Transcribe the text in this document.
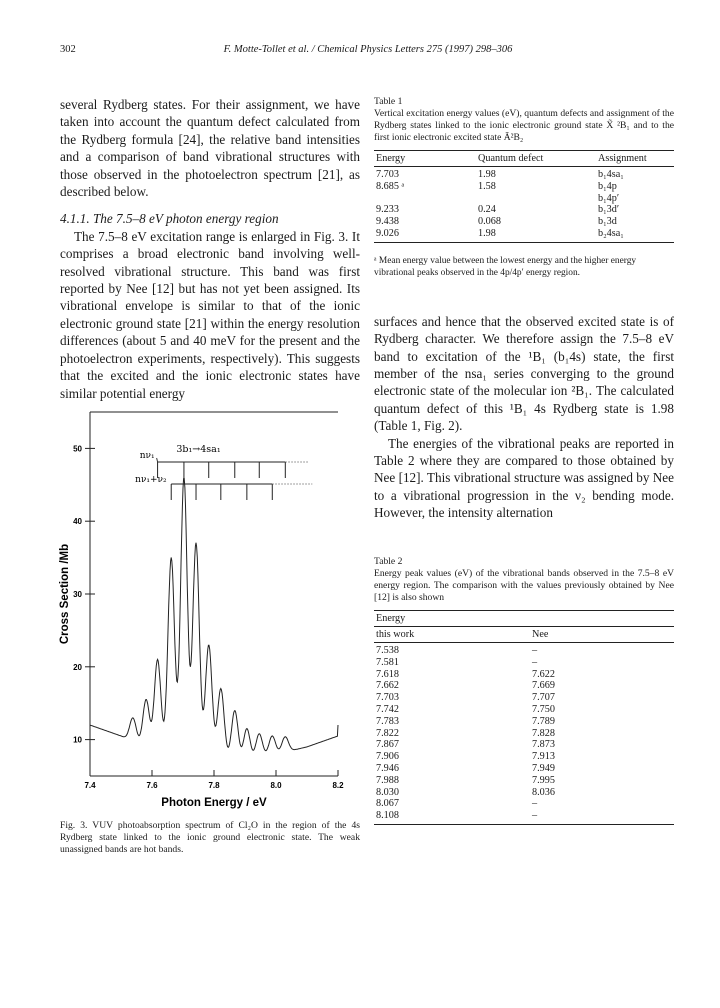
302	F. Motte-Tollet et al. / Chemical Physics Letters 275 (1997) 298–306

several Rydberg states. For their assignment, we have taken into account the quantum defect calculated from the Rydberg formula [24], the relative band intensities and a comparison of band vibrational structures with those observed in the photoelectron spectrum [21], as described below.

4.1.1. The 7.5–8 eV photon energy region

The 7.5–8 eV excitation range is enlarged in Fig. 3. It comprises a broad electronic band involving well-resolved vibrational structure. This band was first reported by Nee [12] but has not yet been assigned. Its vibrational envelope is similar to that of the ionic electronic ground state [21] within the energy resolution differences (about 5 and 40 meV for the present and the photoelectron experiments, respectively). This suggests that the excited and the ionic electronic states have similar potential energy

Table 1
Vertical excitation energy values (eV), quantum defects and assignment of the Rydberg states linked to the ionic electronic ground state X̃ ²B₁ and to the first ionic electronic excited state Ã²B₂
Energy	Quantum defect	Assignment
7.703	1.98	b₁4sa₁
8.685 ᵃ	1.58	b₁4p
		b₁4p′
9.233	0.24	b₁3d′
9.438	0.068	b₁3d
9.026	1.98	b₂4sa₁
ᵃ Mean energy value between the lowest energy and the higher energy vibrational peaks observed in the 4p/4p′ energy region.

surfaces and hence that the observed excited state is of Rydberg character. We therefore assign the 7.5–8 eV band to excitation of the ¹B₁ (b₁4s) state, the first member of the nsa₁ series converging to the ground electronic state of the molecular ion ²B₁. The calculated quantum defect of this ¹B₁ 4s Rydberg state is 1.98 (Table 1, Fig. 2).

The energies of the vibrational peaks are reported in Table 2 where they are compared to those obtained by Nee [12]. This vibrational structure was assigned by Nee to a vibrational progression in the ν₂ bending mode. However, the intensity alternation

Table 2
Energy peak values (eV) of the vibrational bands observed in the 7.5–8 eV energy region. The comparison with the values previously obtained by Nee [12] is also shown
Energy	
this work	Nee
7.538	–
7.581	–
7.618	7.622
7.662	7.669
7.703	7.707
7.742	7.750
7.783	7.789
7.822	7.828
7.867	7.873
7.906	7.913
7.946	7.949
7.988	7.995
8.030	8.036
8.067	–
8.108	–
10
20
30
40
50
7.4	7.6	7.8	8.0	8.2
Photon Energy / eV
Cross Section /Mb
3b₁→4sa₁
nν₁
nν₁+ν₂
Fig. 3. VUV photoabsorption spectrum of Cl₂O in the region of the 4s Rydberg state linked to the ionic ground electronic state. The weak unassigned bands are hot bands.
